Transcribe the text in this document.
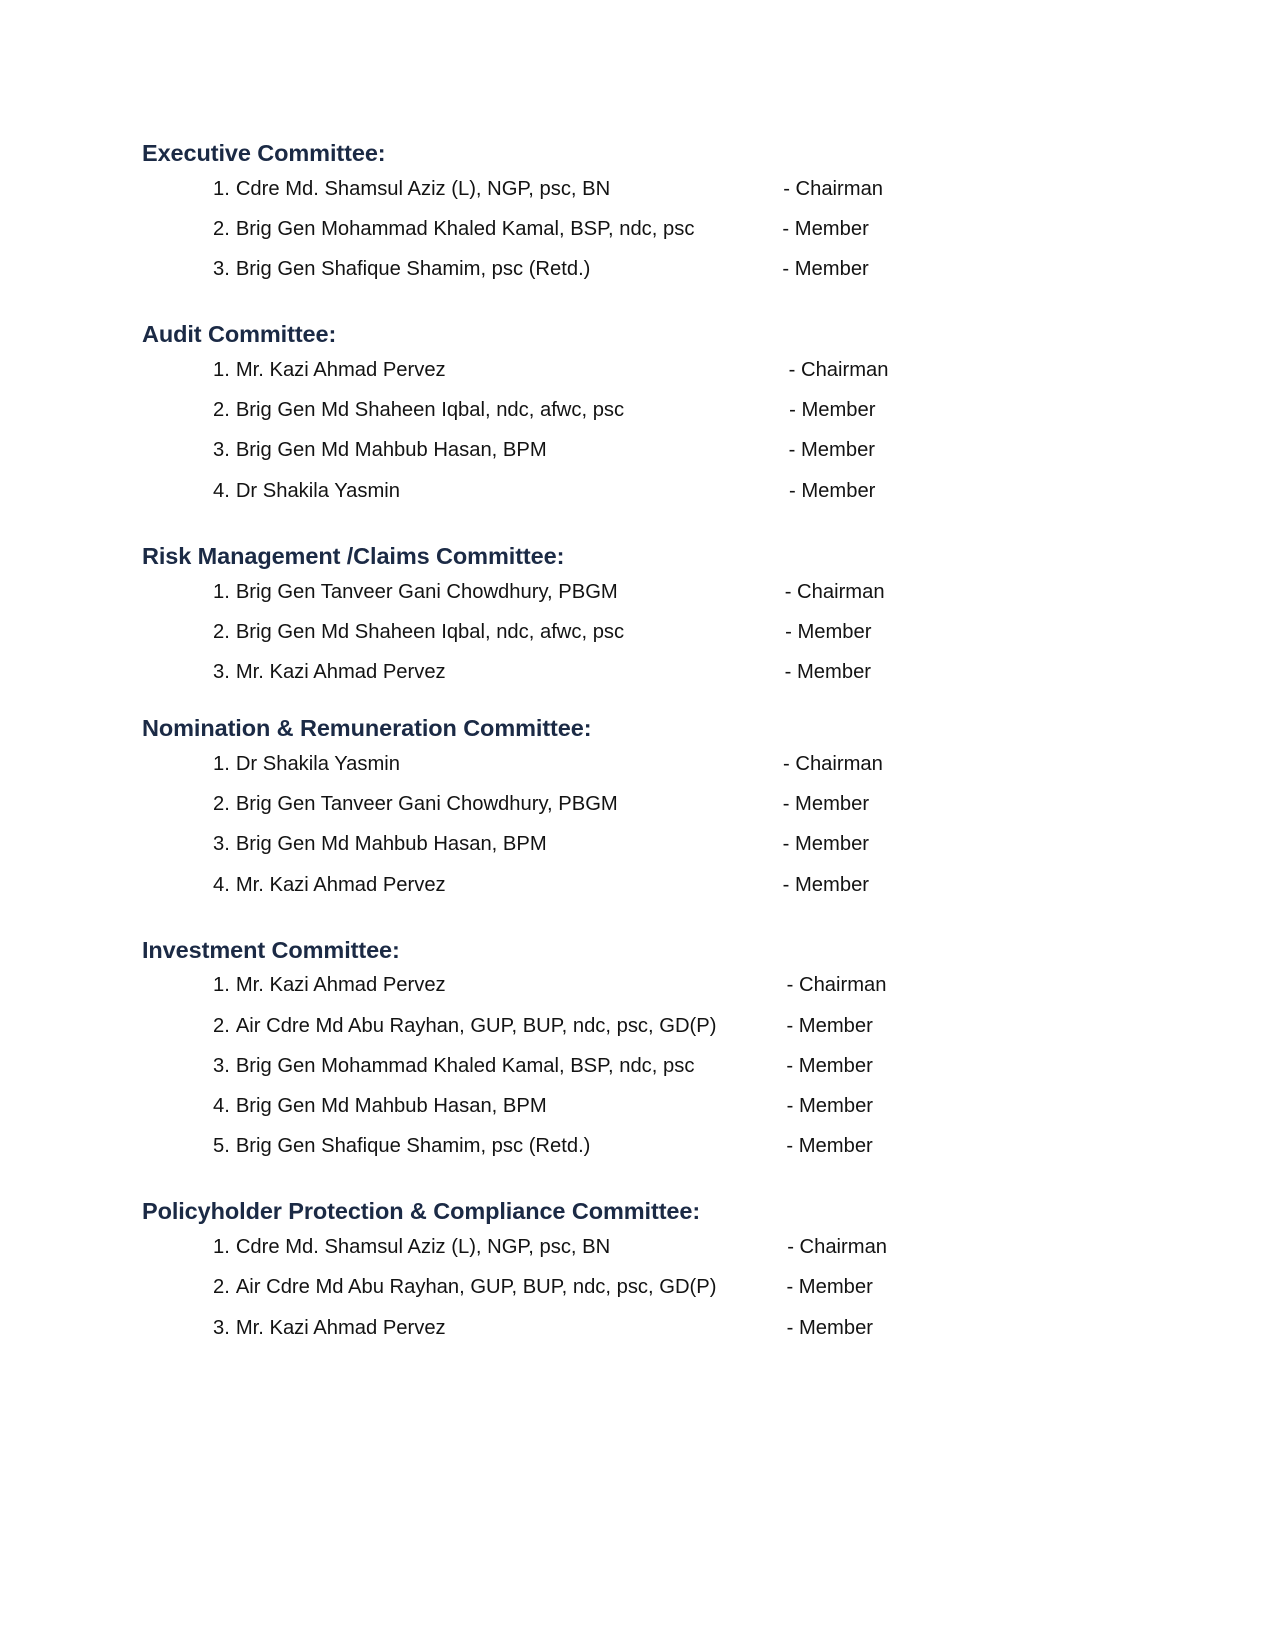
Executive Committee:
1. Cdre Md. Shamsul Aziz (L), NGP, psc, BN	- Chairman
2. Brig Gen Mohammad Khaled Kamal, BSP, ndc, psc	- Member
3. Brig Gen Shafique Shamim, psc (Retd.)	- Member
Audit Committee:
1. Mr. Kazi Ahmad Pervez	- Chairman
2. Brig Gen Md Shaheen Iqbal, ndc, afwc, psc	- Member
3. Brig Gen Md Mahbub Hasan, BPM	- Member
4. Dr Shakila Yasmin	- Member
Risk Management /Claims Committee:
1. Brig Gen Tanveer Gani Chowdhury, PBGM	- Chairman
2. Brig Gen Md Shaheen Iqbal, ndc, afwc, psc	- Member
3. Mr. Kazi Ahmad Pervez	- Member
Nomination & Remuneration Committee:
1. Dr Shakila Yasmin	- Chairman
2. Brig Gen Tanveer Gani Chowdhury, PBGM	- Member
3. Brig Gen Md Mahbub Hasan, BPM	- Member
4. Mr. Kazi Ahmad Pervez	- Member
Investment Committee:
1. Mr. Kazi Ahmad Pervez	- Chairman
2. Air Cdre Md Abu Rayhan, GUP, BUP, ndc, psc, GD(P)	- Member
3. Brig Gen Mohammad Khaled Kamal, BSP, ndc, psc	- Member
4. Brig Gen Md Mahbub Hasan, BPM	- Member
5. Brig Gen Shafique Shamim, psc (Retd.)	- Member
Policyholder Protection & Compliance Committee:
1. Cdre Md. Shamsul Aziz (L), NGP, psc, BN	- Chairman
2. Air Cdre Md Abu Rayhan, GUP, BUP, ndc, psc, GD(P)	- Member
3. Mr. Kazi Ahmad Pervez	- Member
